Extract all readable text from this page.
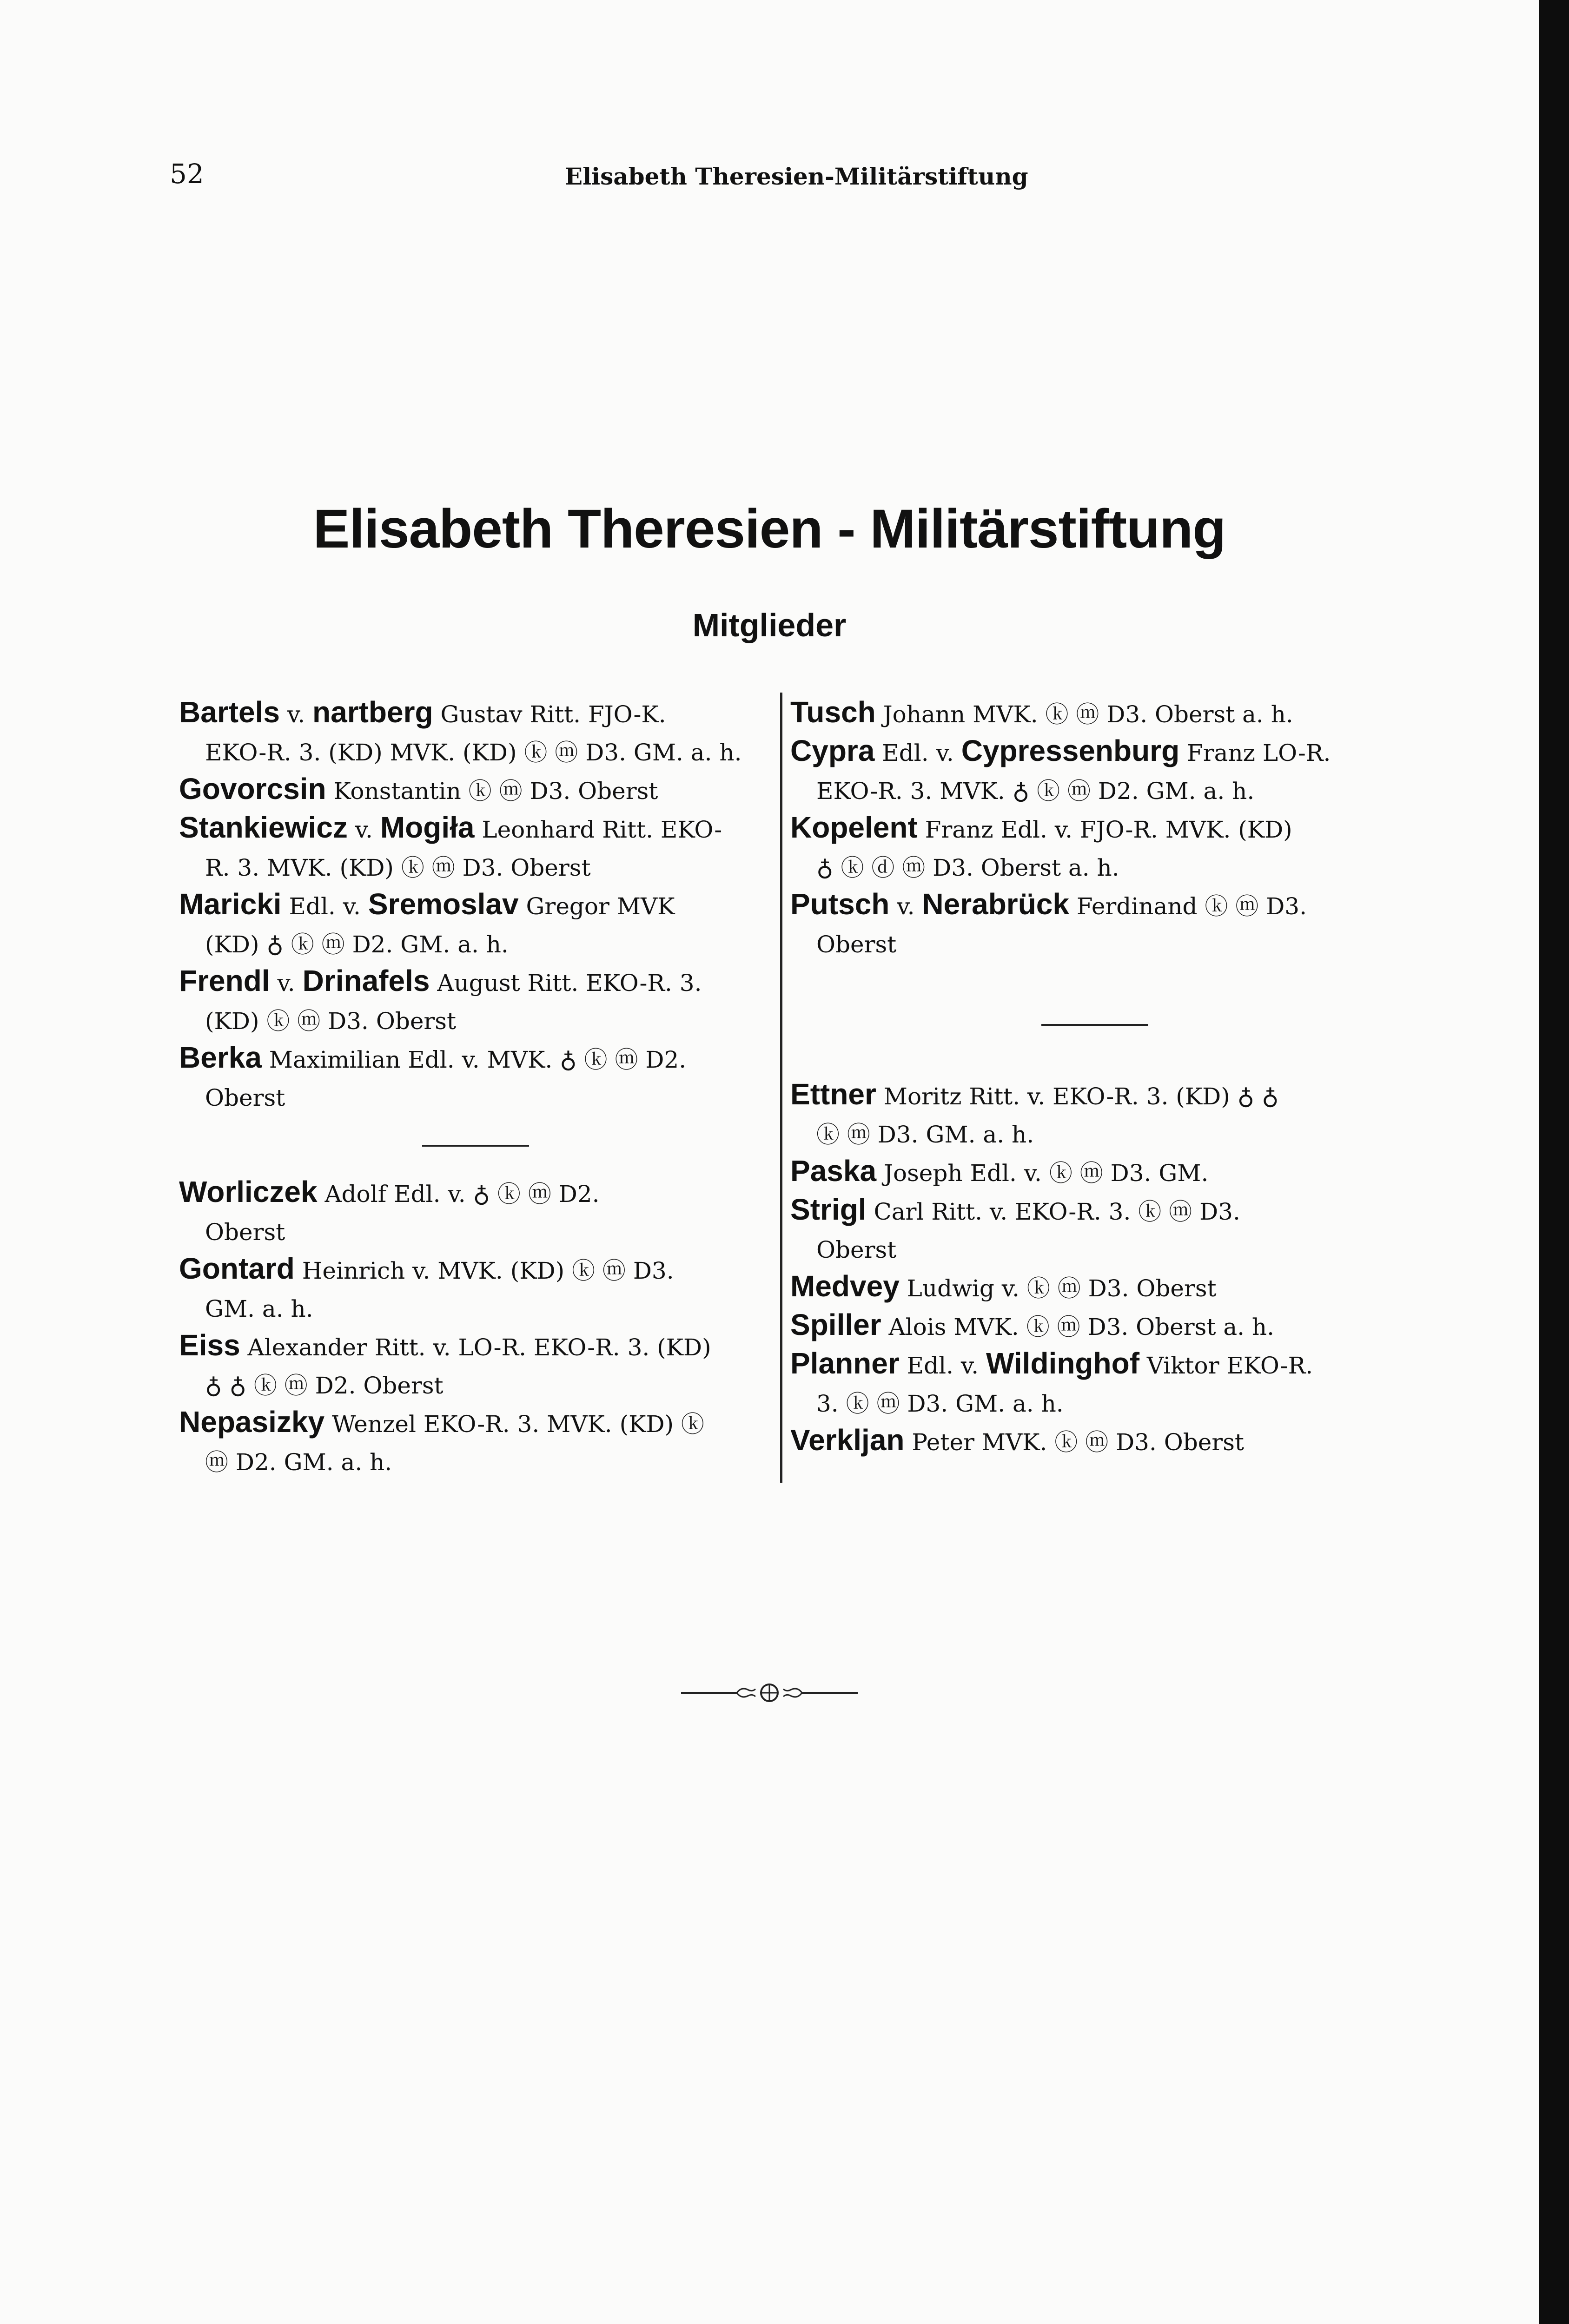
52	Elisabeth Theresien-Militärstiftung
Elisabeth Theresien - Militärstiftung
Mitglieder
Bartels v. nartberg Gustav Ritt. FJO-K.
EKO-R. 3. (KD) MVK. (KD) ⓚ ⓜ D3. GM. a. h.
Govorcsin Konstantin ⓚ ⓜ D3. Oberst
Stankiewicz v. Mogiła Leonhard Ritt. EKO-
R. 3. MVK. (KD) ⓚ ⓜ D3. Oberst
Maricki Edl. v. Sremoslav Gregor MVK
(KD) ♁ ⓚ ⓜ D2. GM. a. h.
Frendl v. Drinafels August Ritt. EKO-R. 3.
(KD) ⓚ ⓜ D3. Oberst
Berka Maximilian Edl. v. MVK. ♁ ⓚ ⓜ D2.
Oberst
Worliczek Adolf Edl. v. ♁ ⓚ ⓜ D2.
Oberst
Gontard Heinrich v. MVK. (KD) ⓚ ⓜ D3.
GM. a. h.
Eiss Alexander Ritt. v. LO-R. EKO-R. 3. (KD)
♁ ♁ ⓚ ⓜ D2. Oberst
Nepasizky Wenzel EKO-R. 3. MVK. (KD) ⓚ
ⓜ D2. GM. a. h.
Tusch Johann MVK. ⓚ ⓜ D3. Oberst a. h.
Cypra Edl. v. Cypressenburg Franz LO-R.
EKO-R. 3. MVK. ♁ ⓚ ⓜ D2. GM. a. h.
Kopelent Franz Edl. v. FJO-R. MVK. (KD)
♁ ⓚ ⓓ ⓜ D3. Oberst a. h.
Putsch v. Nerabrück Ferdinand ⓚ ⓜ D3.
Oberst
Ettner Moritz Ritt. v. EKO-R. 3. (KD) ♁ ♁
ⓚ ⓜ D3. GM. a. h.
Paska Joseph Edl. v. ⓚ ⓜ D3. GM.
Strigl Carl Ritt. v. EKO-R. 3. ⓚ ⓜ D3.
Oberst
Medvey Ludwig v. ⓚ ⓜ D3. Oberst
Spiller Alois MVK. ⓚ ⓜ D3. Oberst a. h.
Planner Edl. v. Wildinghof Viktor EKO-R.
3. ⓚ ⓜ D3. GM. a. h.
Verkljan Peter MVK. ⓚ ⓜ D3. Oberst
